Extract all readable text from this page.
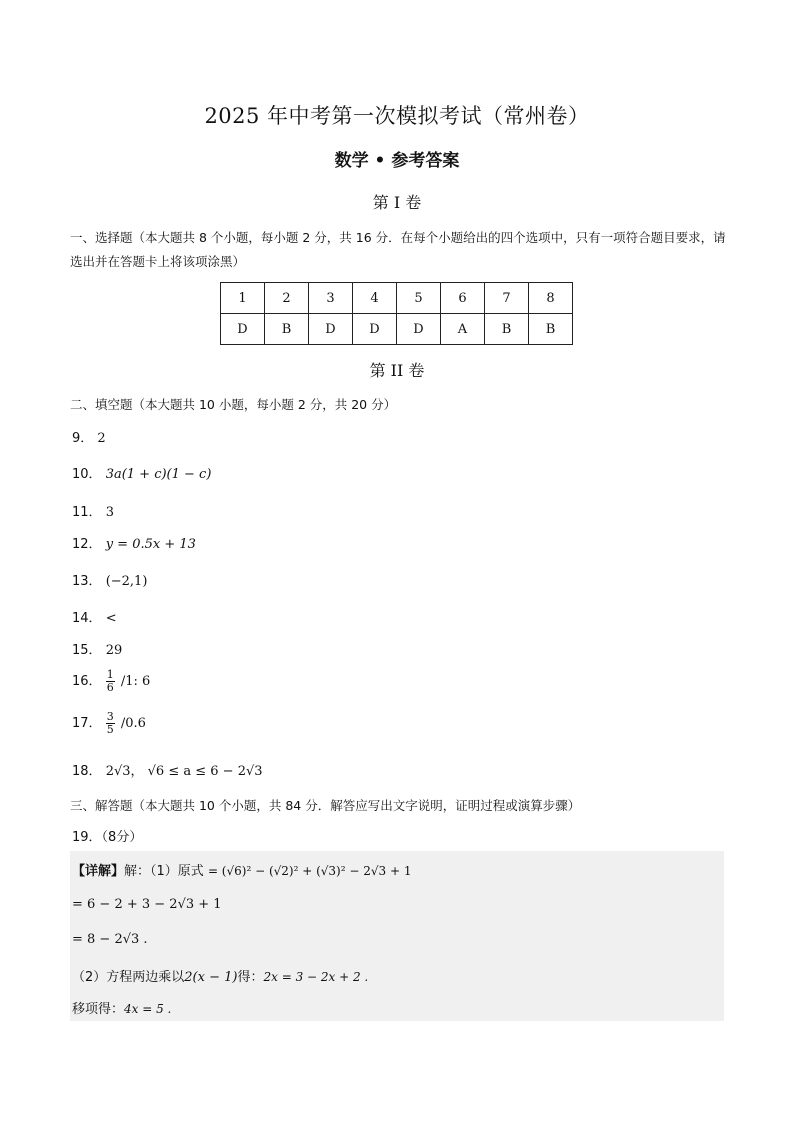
2025 年中考第一次模拟考试（常州卷）
数学 • 参考答案
第 I 卷
一、选择题（本大题共 8 个小题，每小题 2 分，共 16 分．在每个小题给出的四个选项中，只有一项符合题目要求，请选出并在答题卡上将该项涂黑）
1	2	3	4	5	6	7	8
D	B	D	D	D	A	B	B
第 II 卷
二、填空题（本大题共 10 小题，每小题 2 分，共 20 分）
9． 2
10． 3a(1 + c)(1 − c)
11． 3
12． y = 0.5x + 13
13． (−2,1)
14． <
15． 29
16． $\frac{1}{6} /1$: 6
17． $\frac{3}{5} /0.6$
18． 2√3， √6 ≤ a ≤ 6 − 2√3
三、解答题（本大题共 10 个小题，共 84 分．解答应写出文字说明，证明过程或演算步骤）
19．（8分）
【详解】解：（1）原式 = (√6)² − (√2)² + (√3)² − 2√3 + 1
= 6 − 2 + 3 − 2√3 + 1
= 8 − 2√3 .
（2）方程两边乘以2(x − 1)得：2x = 3 − 2x + 2 .
移项得：4x = 5 .
